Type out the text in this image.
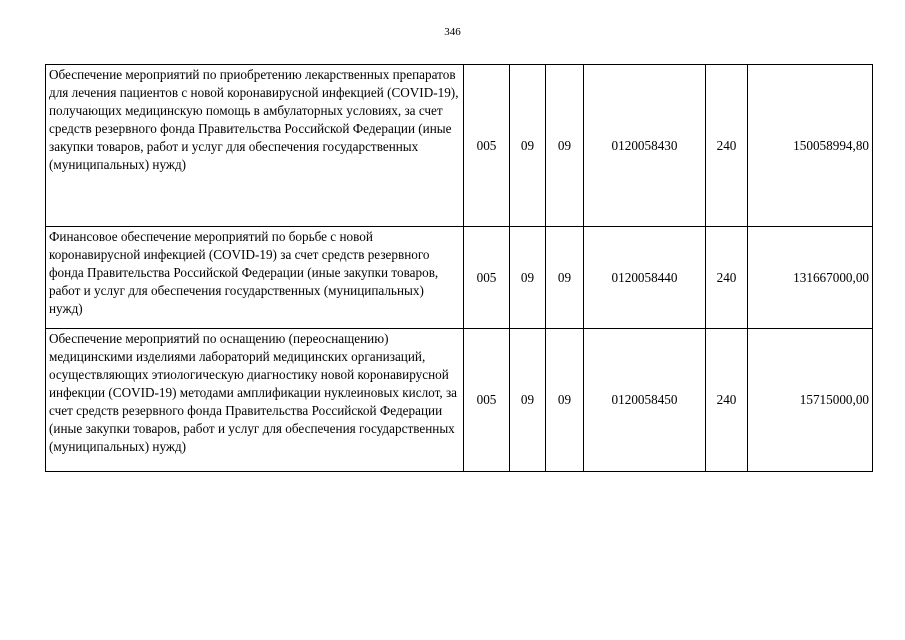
346
Обеспечение мероприятий по приобретению лекарственных препаратов для лечения пациентов с новой коронавирусной инфекцией (COVID-19), получающих медицинскую помощь в амбулаторных условиях, за счет средств резервного фонда Правительства Российской Федерации (иные закупки товаров, работ и услуг для обеспечения государственных (муниципальных) нужд)	005	09	09	0120058430	240	150058994,80

Финансовое обеспечение мероприятий по борьбе с новой коронавирусной инфекцией (COVID-19) за счет средств резервного фонда Правительства Российской Федерации (иные закупки товаров, работ и услуг для обеспечения государственных (муниципальных) нужд)	005	09	09	0120058440	240	131667000,00

Обеспечение мероприятий по оснащению (переоснащению) медицинскими изделиями лабораторий медицинских организаций, осуществляющих этиологическую диагностику новой коронавирусной инфекции (COVID-19) методами амплификации нуклеиновых кислот, за счет средств резервного фонда Правительства Российской Федерации (иные закупки товаров, работ и услуг для обеспечения государственных (муниципальных) нужд)	005	09	09	0120058450	240	15715000,00
